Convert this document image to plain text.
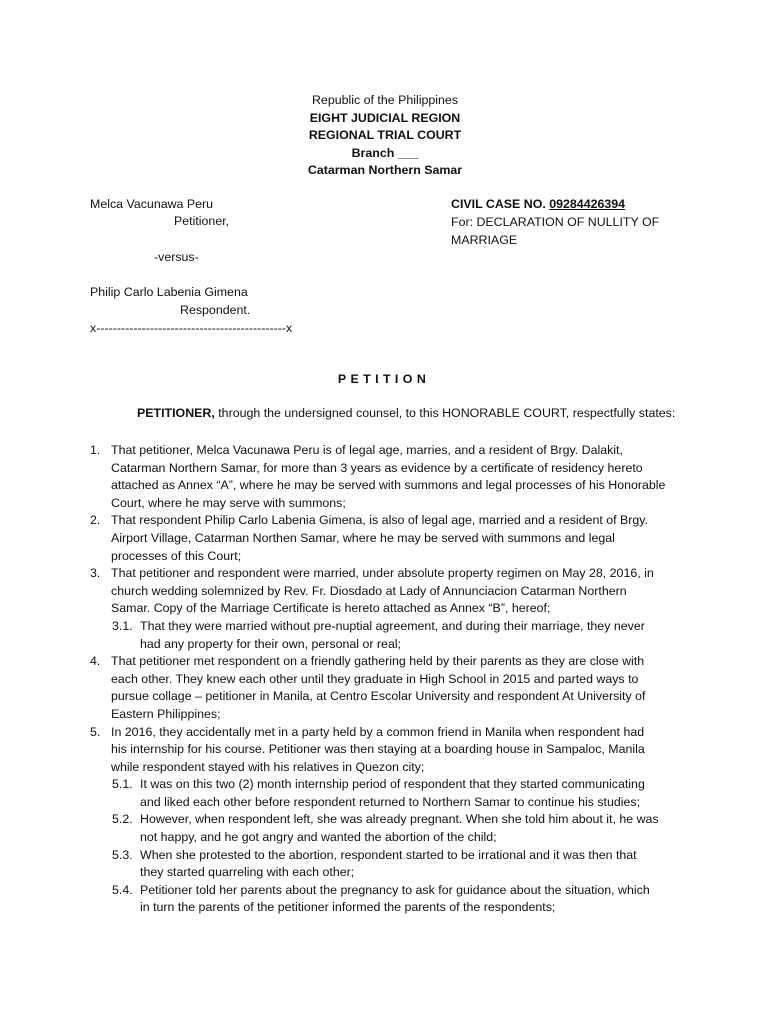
Republic of the Philippines
EIGHT JUDICIAL REGION
REGIONAL TRIAL COURT
Branch ___
Catarman Northern Samar
Melca Vacunawa Peru
Petitioner,
-versus-
Philip Carlo Labenia Gimena
Respondent.
x----------------------------------------------x
CIVIL CASE NO. 09284426394
For: DECLARATION OF NULLITY OF
MARRIAGE
PETITION
PETITIONER, through the undersigned counsel, to this HONORABLE COURT, respectfully states:
1. That petitioner, Melca Vacunawa Peru is of legal age, marries, and a resident of Brgy. Dalakit,
Catarman Northern Samar, for more than 3 years as evidence by a certificate of residency hereto
attached as Annex “A”, where he may be served with summons and legal processes of his Honorable
Court, where he may serve with summons;
2. That respondent Philip Carlo Labenia Gimena, is also of legal age, married and a resident of Brgy.
Airport Village, Catarman Northen Samar, where he may be served with summons and legal
processes of this Court;
3. That petitioner and respondent were married, under absolute property regimen on May 28, 2016, in
church wedding solemnized by Rev. Fr. Diosdado at Lady of Annunciacion Catarman Northern
Samar. Copy of the Marriage Certificate is hereto attached as Annex “B”, hereof;
3.1. That they were married without pre-nuptial agreement, and during their marriage, they never
had any property for their own, personal or real;
4. That petitioner met respondent on a friendly gathering held by their parents as they are close with
each other. They knew each other until they graduate in High School in 2015 and parted ways to
pursue collage – petitioner in Manila, at Centro Escolar University and respondent At University of
Eastern Philippines;
5. In 2016, they accidentally met in a party held by a common friend in Manila when respondent had
his internship for his course. Petitioner was then staying at a boarding house in Sampaloc, Manila
while respondent stayed with his relatives in Quezon city;
5.1. It was on this two (2) month internship period of respondent that they started communicating
and liked each other before respondent returned to Northern Samar to continue his studies;
5.2. However, when respondent left, she was already pregnant. When she told him about it, he was
not happy, and he got angry and wanted the abortion of the child;
5.3. When she protested to the abortion, respondent started to be irrational and it was then that
they started quarreling with each other;
5.4. Petitioner told her parents about the pregnancy to ask for guidance about the situation, which
in turn the parents of the petitioner informed the parents of the respondents;
